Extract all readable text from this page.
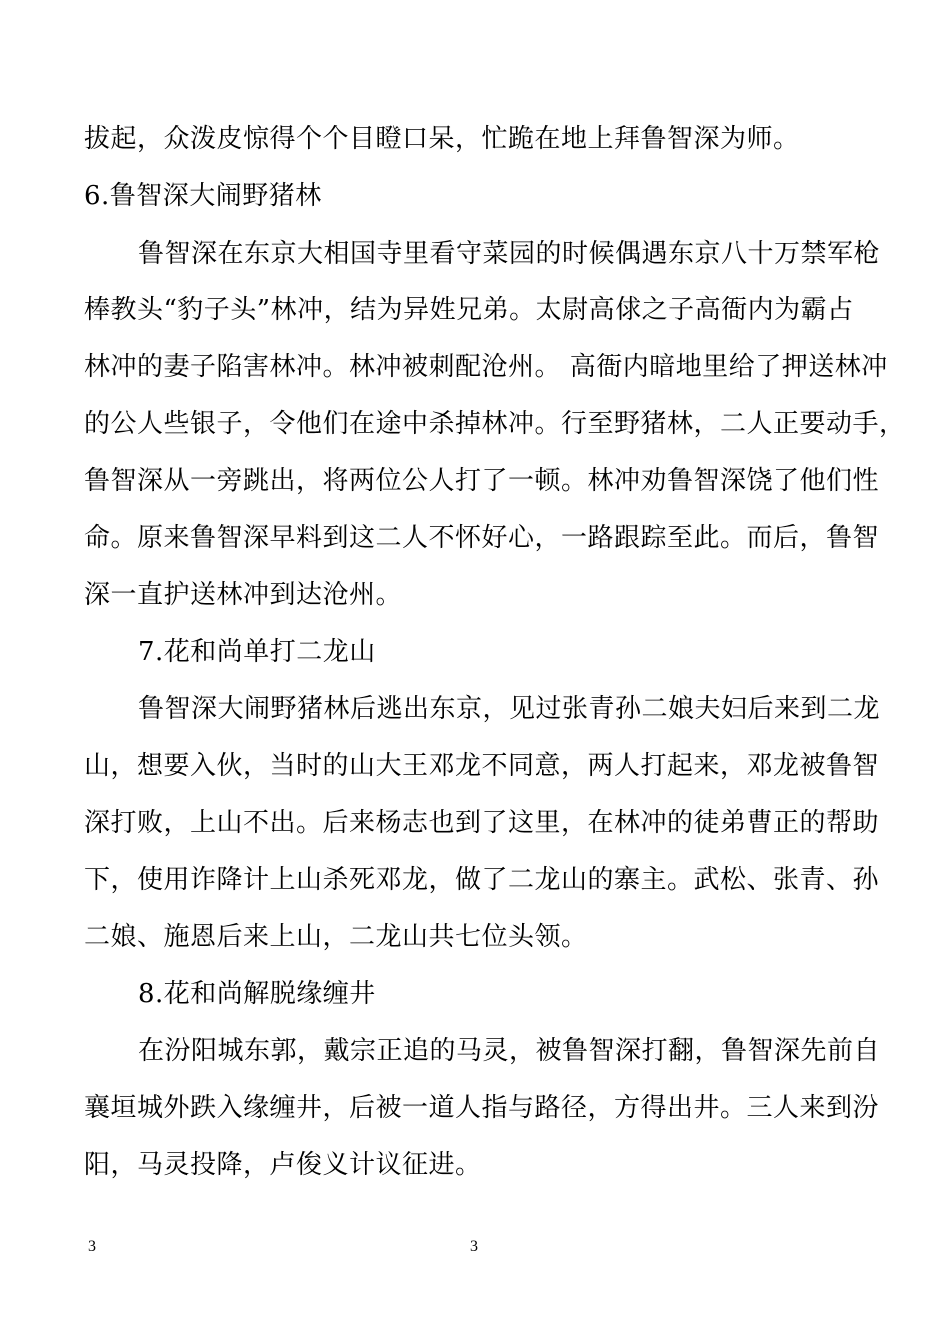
拔起，众泼皮惊得个个目瞪口呆，忙跪在地上拜鲁智深为师。
6.鲁智深大闹野猪林
鲁智深在东京大相国寺里看守菜园的时候偶遇东京八十万禁军枪
棒教头“豹子头”林冲，结为异姓兄弟。太尉高俅之子高衙内为霸占
林冲的妻子陷害林冲。林冲被刺配沧州。 高衙内暗地里给了押送林冲
的公人些银子，令他们在途中杀掉林冲。行至野猪林，二人正要动手，
鲁智深从一旁跳出，将两位公人打了一顿。林冲劝鲁智深饶了他们性
命。原来鲁智深早料到这二人不怀好心，一路跟踪至此。而后，鲁智
深一直护送林冲到达沧州。
7.花和尚单打二龙山
鲁智深大闹野猪林后逃出东京，见过张青孙二娘夫妇后来到二龙
山，想要入伙，当时的山大王邓龙不同意，两人打起来，邓龙被鲁智
深打败，上山不出。后来杨志也到了这里，在林冲的徒弟曹正的帮助
下，使用诈降计上山杀死邓龙，做了二龙山的寨主。武松、张青、孙
二娘、施恩后来上山，二龙山共七位头领。
8.花和尚解脱缘缠井
在汾阳城东郭，戴宗正追的马灵，被鲁智深打翻，鲁智深先前自
襄垣城外跌入缘缠井，后被一道人指与路径，方得出井。三人来到汾
阳，马灵投降，卢俊义计议征进。
3	3
